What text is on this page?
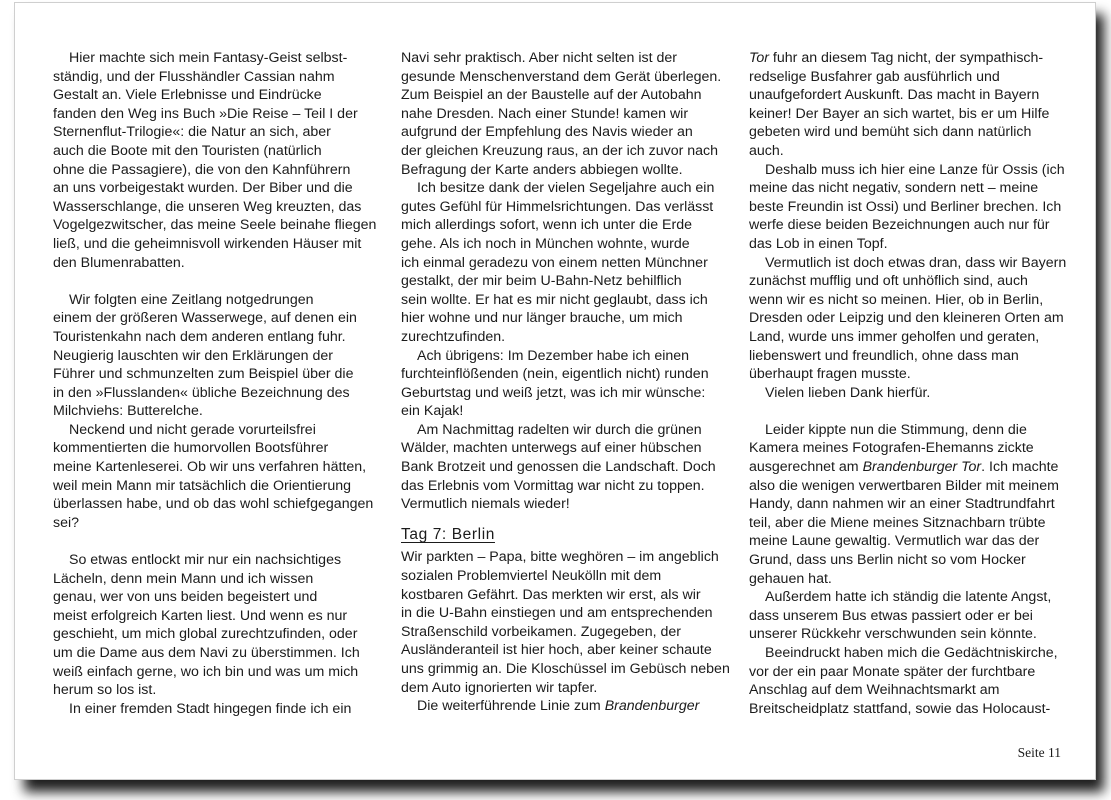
Hier machte sich mein Fantasy-Geist selbst-
ständig, und der Flusshändler Cassian nahm
Gestalt an. Viele Erlebnisse und Eindrücke
fanden den Weg ins Buch »Die Reise – Teil I der
Sternenflut-Trilogie«: die Natur an sich, aber
auch die Boote mit den Touristen (natürlich
ohne die Passagiere), die von den Kahnführern
an uns vorbeigestakt wurden. Der Biber und die
Wasserschlange, die unseren Weg kreuzten, das
Vogelgezwitscher, das meine Seele beinahe fliegen
ließ, und die geheimnisvoll wirkenden Häuser mit
den Blumenrabatten.
Wir folgten eine Zeitlang notgedrungen
einem der größeren Wasserwege, auf denen ein
Touristenkahn nach dem anderen entlang fuhr.
Neugierig lauschten wir den Erklärungen der
Führer und schmunzelten zum Beispiel über die
in den »Flusslanden« übliche Bezeichnung des
Milchviehs: Butterelche.
Neckend und nicht gerade vorurteilsfrei
kommentierten die humorvollen Bootsführer
meine Kartenleserei. Ob wir uns verfahren hätten,
weil mein Mann mir tatsächlich die Orientierung
überlassen habe, und ob das wohl schiefgegangen
sei?
So etwas entlockt mir nur ein nachsichtiges
Lächeln, denn mein Mann und ich wissen
genau, wer von uns beiden begeistert und
meist erfolgreich Karten liest. Und wenn es nur
geschieht, um mich global zurechtzufinden, oder
um die Dame aus dem Navi zu überstimmen. Ich
weiß einfach gerne, wo ich bin und was um mich
herum so los ist.
In einer fremden Stadt hingegen finde ich ein
Navi sehr praktisch. Aber nicht selten ist der
gesunde Menschenverstand dem Gerät überlegen.
Zum Beispiel an der Baustelle auf der Autobahn
nahe Dresden. Nach einer Stunde! kamen wir
aufgrund der Empfehlung des Navis wieder an
der gleichen Kreuzung raus, an der ich zuvor nach
Befragung der Karte anders abbiegen wollte.
Ich besitze dank der vielen Segeljahre auch ein
gutes Gefühl für Himmelsrichtungen. Das verlässt
mich allerdings sofort, wenn ich unter die Erde
gehe. Als ich noch in München wohnte, wurde
ich einmal geradezu von einem netten Münchner
gestalkt, der mir beim U-Bahn-Netz behilflich
sein wollte. Er hat es mir nicht geglaubt, dass ich
hier wohne und nur länger brauche, um mich
zurechtzufinden.
Ach übrigens: Im Dezember habe ich einen
furchteinflößenden (nein, eigentlich nicht) runden
Geburtstag und weiß jetzt, was ich mir wünsche:
ein Kajak!
Am Nachmittag radelten wir durch die grünen
Wälder, machten unterwegs auf einer hübschen
Bank Brotzeit und genossen die Landschaft. Doch
das Erlebnis vom Vormittag war nicht zu toppen.
Vermutlich niemals wieder!
Tag 7: Berlin
Wir parkten – Papa, bitte weghören – im angeblich
sozialen Problemviertel Neukölln mit dem
kostbaren Gefährt. Das merkten wir erst, als wir
in die U-Bahn einstiegen und am entsprechenden
Straßenschild vorbeikamen. Zugegeben, der
Ausländeranteil ist hier hoch, aber keiner schaute
uns grimmig an. Die Kloschüssel im Gebüsch neben
dem Auto ignorierten wir tapfer.
Die weiterführende Linie zum Brandenburger
Tor fuhr an diesem Tag nicht, der sympathisch-
redselige Busfahrer gab ausführlich und
unaufgefordert Auskunft. Das macht in Bayern
keiner! Der Bayer an sich wartet, bis er um Hilfe
gebeten wird und bemüht sich dann natürlich
auch.
Deshalb muss ich hier eine Lanze für Ossis (ich
meine das nicht negativ, sondern nett – meine
beste Freundin ist Ossi) und Berliner brechen. Ich
werfe diese beiden Bezeichnungen auch nur für
das Lob in einen Topf.
Vermutlich ist doch etwas dran, dass wir Bayern
zunächst mufflig und oft unhöflich sind, auch
wenn wir es nicht so meinen. Hier, ob in Berlin,
Dresden oder Leipzig und den kleineren Orten am
Land, wurde uns immer geholfen und geraten,
liebenswert und freundlich, ohne dass man
überhaupt fragen musste.
Vielen lieben Dank hierfür.
Leider kippte nun die Stimmung, denn die
Kamera meines Fotografen-Ehemanns zickte
ausgerechnet am Brandenburger Tor. Ich machte
also die wenigen verwertbaren Bilder mit meinem
Handy, dann nahmen wir an einer Stadtrundfahrt
teil, aber die Miene meines Sitznachbarn trübte
meine Laune gewaltig. Vermutlich war das der
Grund, dass uns Berlin nicht so vom Hocker
gehauen hat.
Außerdem hatte ich ständig die latente Angst,
dass unserem Bus etwas passiert oder er bei
unserer Rückkehr verschwunden sein könnte.
Beeindruckt haben mich die Gedächtniskirche,
vor der ein paar Monate später der furchtbare
Anschlag auf dem Weihnachtsmarkt am
Breitscheidplatz stattfand, sowie das Holocaust-
Seite 11
